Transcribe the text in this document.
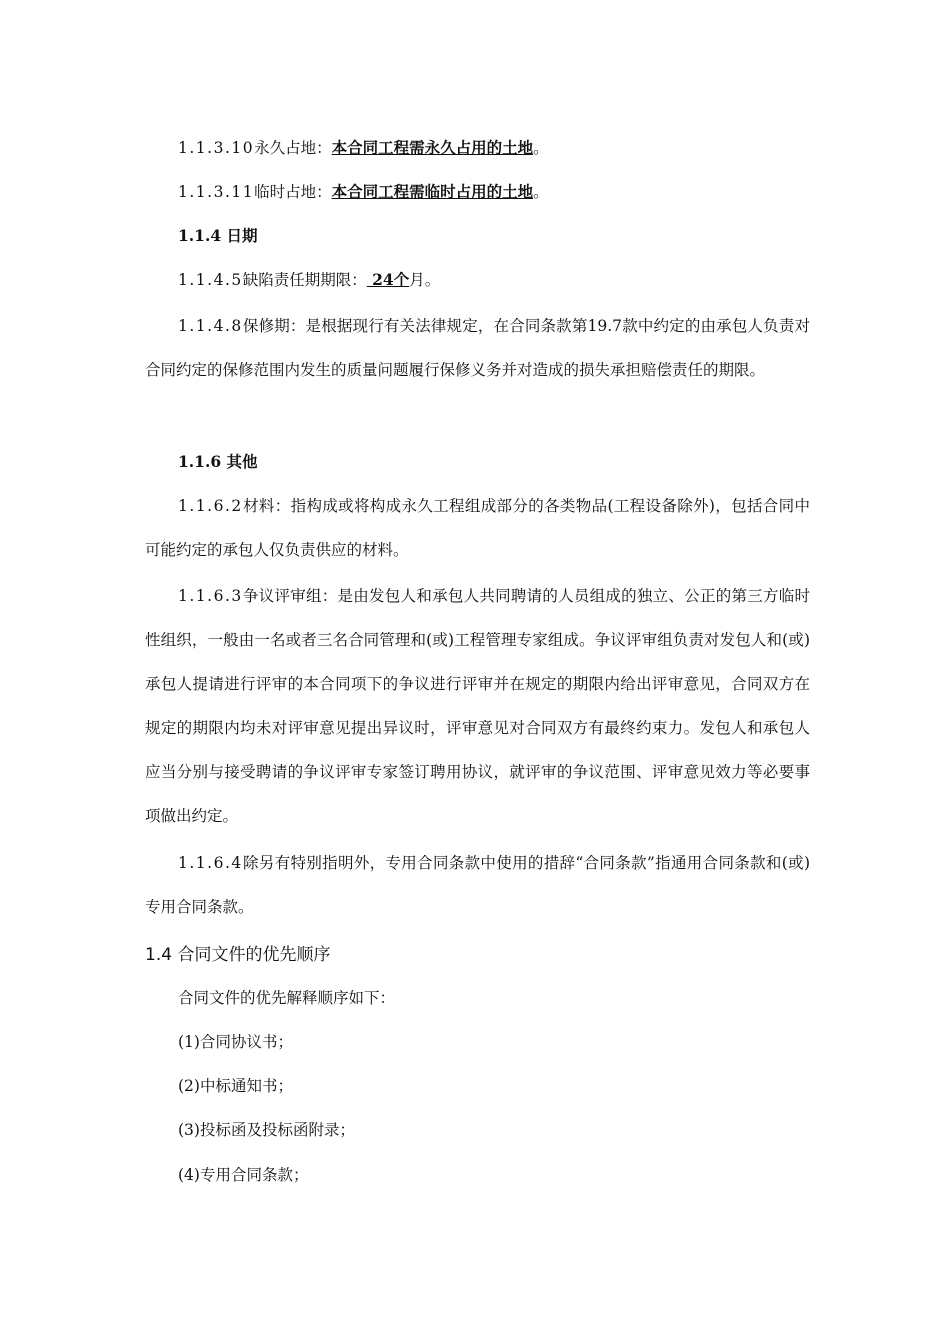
1.1.3.10永久占地：本合同工程需永久占用的土地。

1.1.3.11临时占地：本合同工程需临时占用的土地。

1.1.4 日期

1.1.4.5缺陷责任期期限： 24个月。

1.1.4.8保修期：是根据现行有关法律规定，在合同条款第19.7款中约定的由承包人负责对合同约定的保修范围内发生的质量问题履行保修义务并对造成的损失承担赔偿责任的期限。

1.1.6 其他

1.1.6.2材料：指构成或将构成永久工程组成部分的各类物品(工程设备除外)，包括合同中可能约定的承包人仅负责供应的材料。

1.1.6.3争议评审组：是由发包人和承包人共同聘请的人员组成的独立、公正的第三方临时性组织，一般由一名或者三名合同管理和(或)工程管理专家组成。争议评审组负责对发包人和(或)承包人提请进行评审的本合同项下的争议进行评审并在规定的期限内给出评审意见，合同双方在规定的期限内均未对评审意见提出异议时，评审意见对合同双方有最终约束力。发包人和承包人应当分别与接受聘请的争议评审专家签订聘用协议，就评审的争议范围、评审意见效力等必要事项做出约定。

1.1.6.4除另有特别指明外，专用合同条款中使用的措辞“合同条款”指通用合同条款和(或)专用合同条款。

1.4 合同文件的优先顺序

合同文件的优先解释顺序如下：

(1)合同协议书；

(2)中标通知书；

(3)投标函及投标函附录；

(4)专用合同条款；
